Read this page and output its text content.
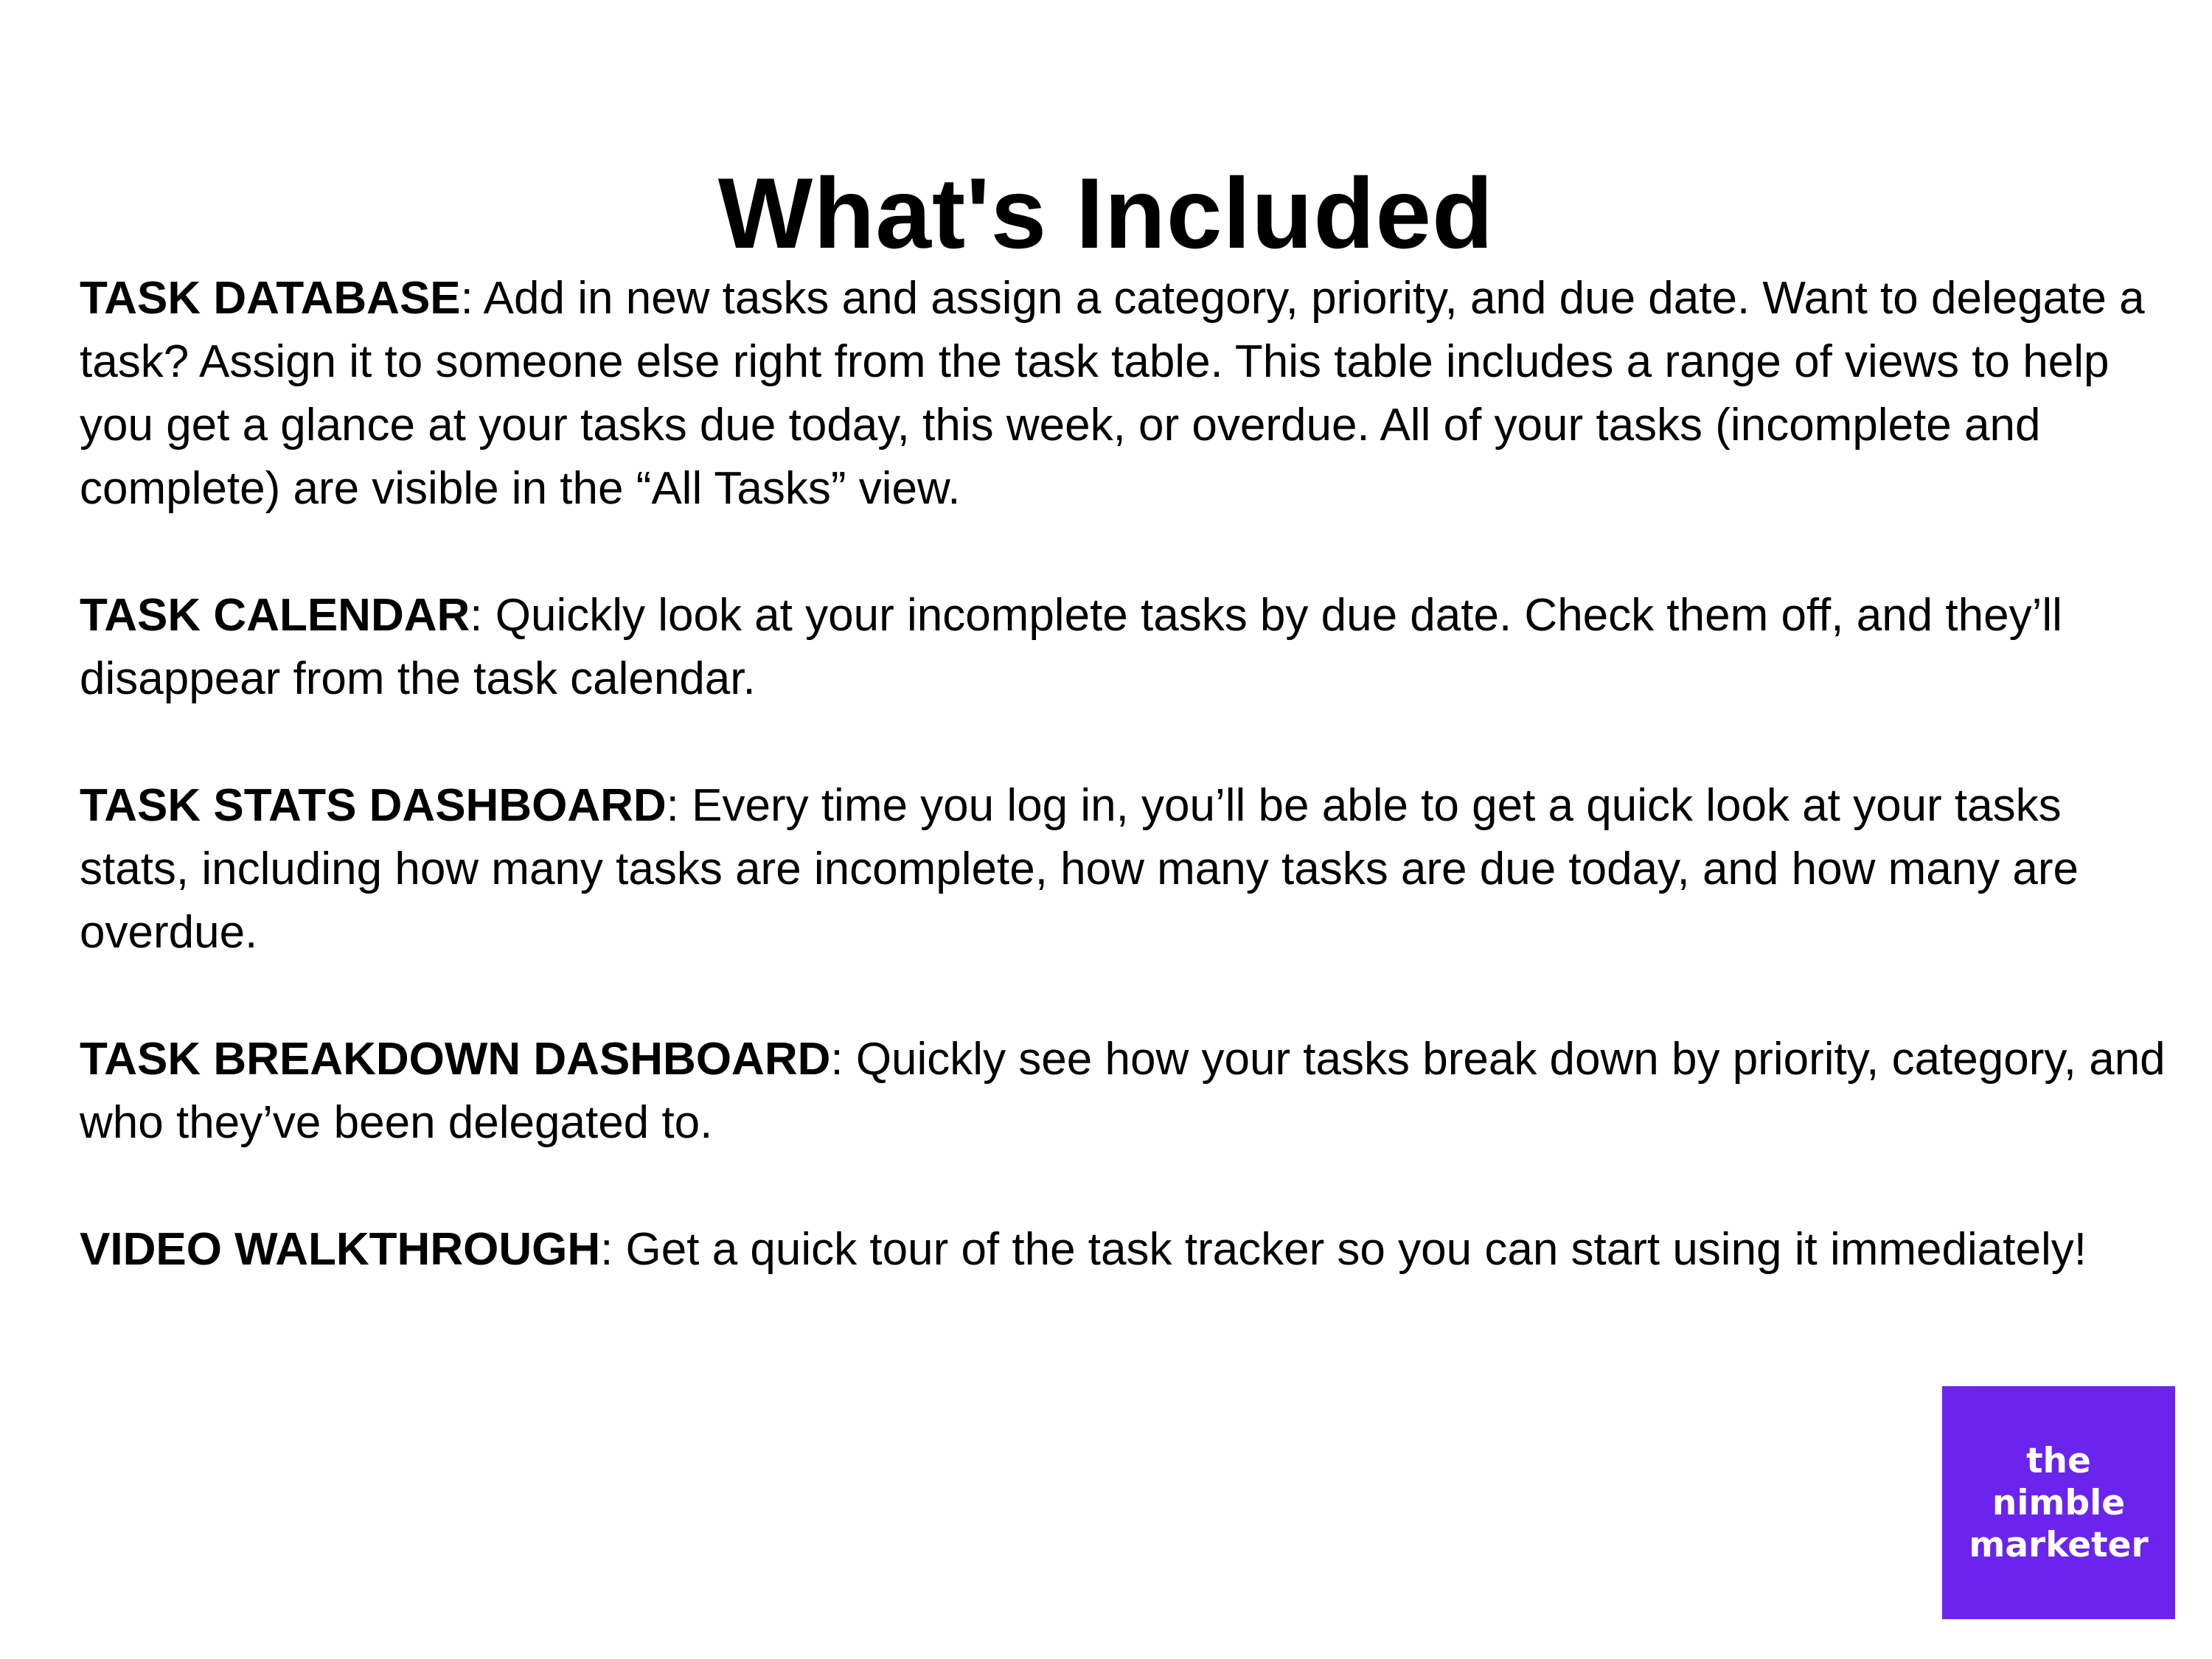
What's Included

TASK DATABASE: Add in new tasks and assign a category, priority, and due date. Want to delegate a task? Assign it to someone else right from the task table. This table includes a range of views to help you get a glance at your tasks due today, this week, or overdue. All of your tasks (incomplete and complete) are visible in the “All Tasks” view.

TASK CALENDAR: Quickly look at your incomplete tasks by due date. Check them off, and they’ll disappear from the task calendar.

TASK STATS DASHBOARD: Every time you log in, you’ll be able to get a quick look at your tasks stats, including how many tasks are incomplete, how many tasks are due today, and how many are overdue.

TASK BREAKDOWN DASHBOARD: Quickly see how your tasks break down by priority, category, and who they’ve been delegated to.

VIDEO WALKTHROUGH: Get a quick tour of the task tracker so you can start using it immediately!

the
nimble
marketer
